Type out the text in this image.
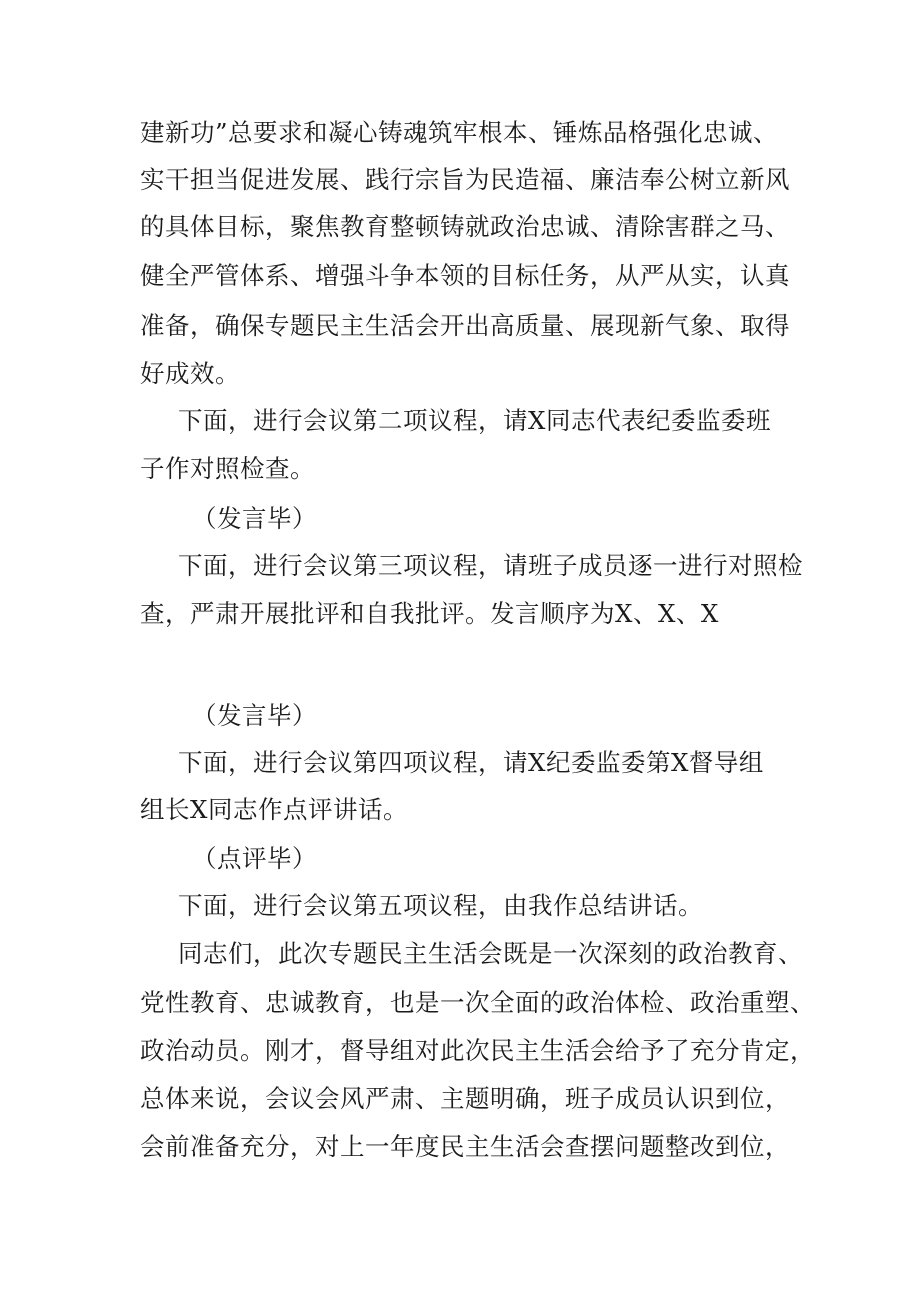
建新功”总要求和凝心铸魂筑牢根本、锤炼品格强化忠诚、

实干担当促进发展、践行宗旨为民造福、廉洁奉公树立新风

的具体目标，聚焦教育整顿铸就政治忠诚、清除害群之马、

健全严管体系、增强斗争本领的目标任务，从严从实，认真

准备，确保专题民主生活会开出高质量、展现新气象、取得

好成效。

下面，进行会议第二项议程，请X同志代表纪委监委班

子作对照检查。

（发言毕）

下面，进行会议第三项议程，请班子成员逐一进行对照检

查，严肃开展批评和自我批评。发言顺序为X、X、X

（发言毕）

下面，进行会议第四项议程，请X纪委监委第X督导组

组长X同志作点评讲话。

（点评毕）

下面，进行会议第五项议程，由我作总结讲话。

同志们，此次专题民主生活会既是一次深刻的政治教育、

党性教育、忠诚教育，也是一次全面的政治体检、政治重塑、

政治动员。刚才，督导组对此次民主生活会给予了充分肯定，

总体来说，会议会风严肃、主题明确，班子成员认识到位，

会前准备充分，对上一年度民主生活会查摆问题整改到位，
